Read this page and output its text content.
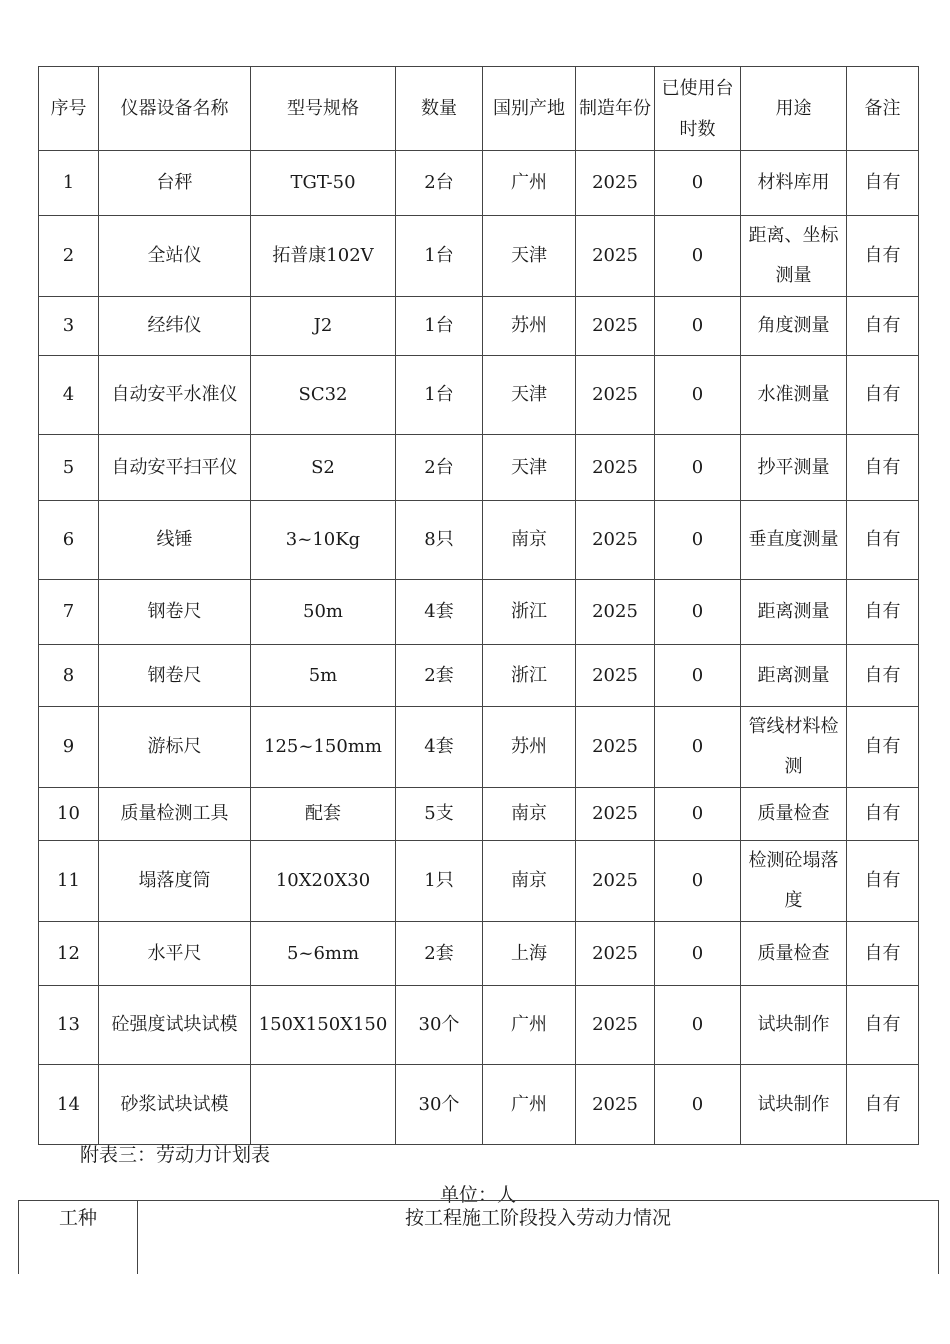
序号	仪器设备名称	型号规格	数量	国别产地	制造年份	已使用台时数	用途	备注
1	台秤	TGT-50	2台	广州	2025	0	材料库用	自有
2	全站仪	拓普康102V	1台	天津	2025	0	距离、坐标测量	自有
3	经纬仪	J2	1台	苏州	2025	0	角度测量	自有
4	自动安平水准仪	SC32	1台	天津	2025	0	水准测量	自有
5	自动安平扫平仪	S2	2台	天津	2025	0	抄平测量	自有
6	线锤	3~10Kg	8只	南京	2025	0	垂直度测量	自有
7	钢卷尺	50m	4套	浙江	2025	0	距离测量	自有
8	钢卷尺	5m	2套	浙江	2025	0	距离测量	自有
9	游标尺	125~150mm	4套	苏州	2025	0	管线材料检测	自有
10	质量检测工具	配套	5支	南京	2025	0	质量检查	自有
11	塌落度筒	10X20X30	1只	南京	2025	0	检测砼塌落度	自有
12	水平尺	5~6mm	2套	上海	2025	0	质量检查	自有
13	砼强度试块试模	150X150X150	30个	广州	2025	0	试块制作	自有
14	砂浆试块试模		30个	广州	2025	0	试块制作	自有
附表三：劳动力计划表
单位：人
工种	按工程施工阶段投入劳动力情况
